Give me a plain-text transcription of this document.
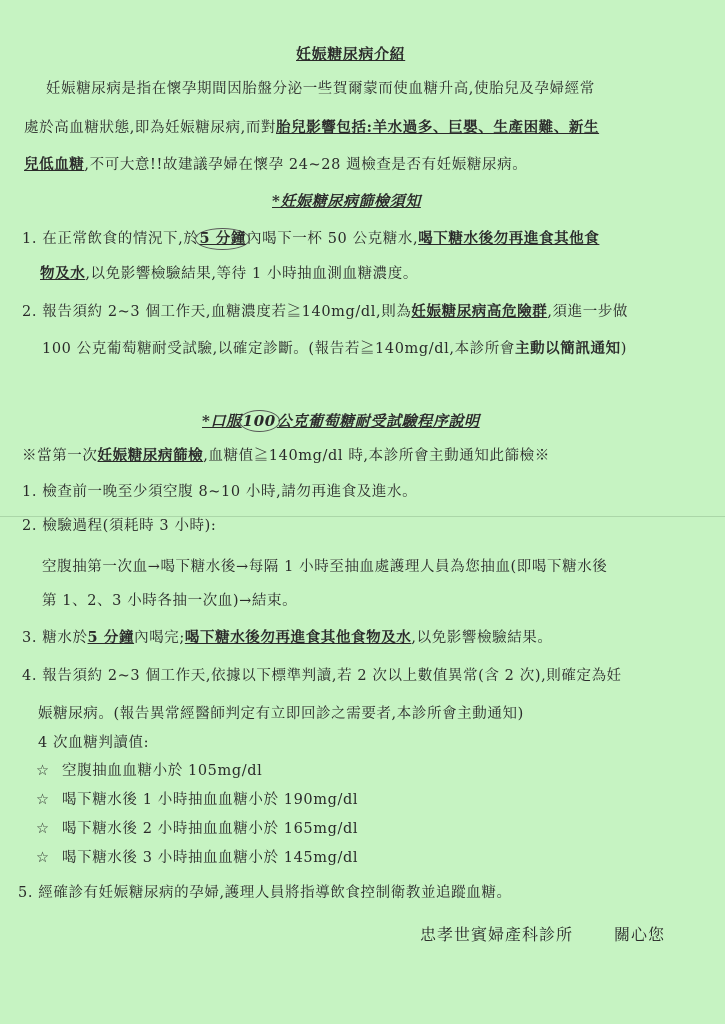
妊娠糖尿病介紹
妊娠糖尿病是指在懷孕期間因胎盤分泌一些賀爾蒙而使血糖升高,使胎兒及孕婦經常
處於高血糖狀態,即為妊娠糖尿病,而對胎兒影響包括:羊水過多、巨嬰、生產困難、新生
兒低血糖,不可大意!!故建議孕婦在懷孕 24~28 週檢查是否有妊娠糖尿病。
*妊娠糖尿病篩檢須知
1. 在正常飲食的情況下,於5 分鐘內喝下一杯 50 公克糖水,喝下糖水後勿再進食其他食
物及水,以免影響檢驗結果,等待 1 小時抽血測血糖濃度。
2. 報告須約 2~3 個工作天,血糖濃度若≧140mg/dl,則為妊娠糖尿病高危險群,須進一步做
100 公克葡萄糖耐受試驗,以確定診斷。(報告若≧140mg/dl,本診所會主動以簡訊通知)
*口服100公克葡萄糖耐受試驗程序說明
※當第一次妊娠糖尿病篩檢,血糖值≧140mg/dl 時,本診所會主動通知此篩檢※
1. 檢查前一晚至少須空腹 8~10 小時,請勿再進食及進水。
2. 檢驗過程(須耗時 3 小時):
空腹抽第一次血→喝下糖水後→每隔 1 小時至抽血處護理人員為您抽血(即喝下糖水後
第 1、2、3 小時各抽一次血)→結束。
3. 糖水於5 分鐘內喝完;喝下糖水後勿再進食其他食物及水,以免影響檢驗結果。
4. 報告須約 2~3 個工作天,依據以下標準判讀,若 2 次以上數值異常(含 2 次),則確定為妊
娠糖尿病。(報告異常經醫師判定有立即回診之需要者,本診所會主動通知)
4 次血糖判讀值:
☆ 空腹抽血血糖小於 105mg/dl
☆ 喝下糖水後 1 小時抽血血糖小於 190mg/dl
☆ 喝下糖水後 2 小時抽血血糖小於 165mg/dl
☆ 喝下糖水後 3 小時抽血血糖小於 145mg/dl
5. 經確診有妊娠糖尿病的孕婦,護理人員將指導飲食控制衛教並追蹤血糖。
忠孝世賓婦產科診所	關心您
